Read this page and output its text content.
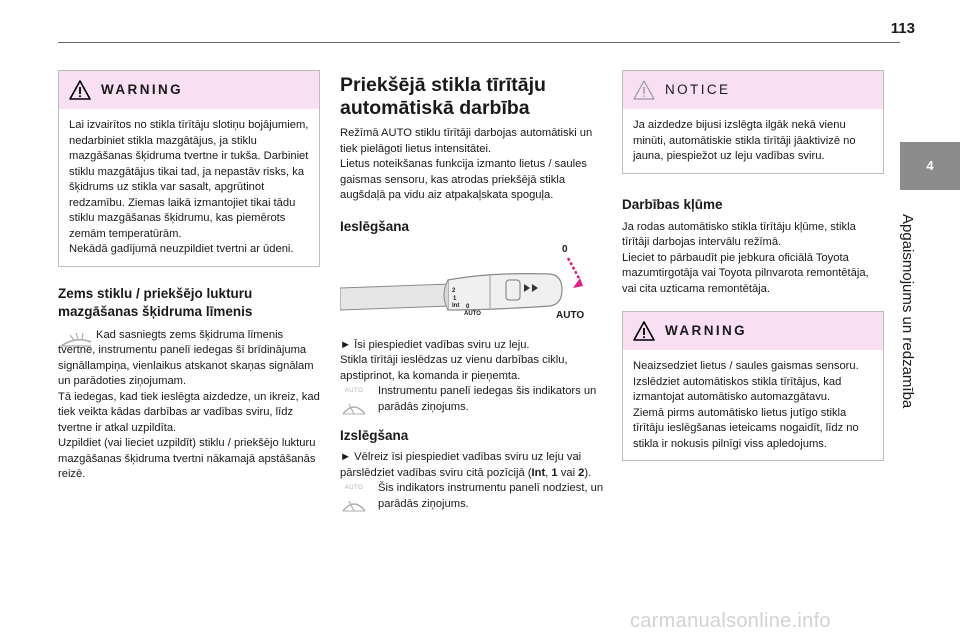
113
4
Apgaismojums un redzamība
WARNING

Lai izvairītos no stikla tīrītāju slotiņu bojājumiem, nedarbiniet stikla mazgātājus, ja stiklu mazgāšanas šķidruma tvertne ir tukša. Darbiniet stiklu mazgātājus tikai tad, ja nepastāv risks, ka šķidrums uz stikla var sasalt, apgrūtinot redzamību. Ziemas laikā izmantojiet tikai tādu stiklu mazgāšanas šķidrumu, kas piemērots zemām temperatūrām.

Nekādā gadījumā neuzpildiet tvertni ar ūdeni.

Zems stiklu / priekšējo lukturu mazgāšanas šķidruma līmenis

Kad sasniegts zems šķidruma līmenis tvertnē, instrumentu panelī iedegas šī brīdinājuma signāllampiņa, vienlaikus atskanot skaņas signālam un parādoties ziņojumam.

Tā iedegas, kad tiek ieslēgta aizdedze, un ikreiz, kad tiek veikta kādas darbības ar vadības sviru, līdz tvertne ir atkal uzpildīta.

Uzpildiet (vai lieciet uzpildīt) stiklu / priekšējo lukturu mazgāšanas šķidruma tvertni nākamajā apstāšanās reizē.

Priekšējā stikla tīrītāju automātiskā darbība

Režīmā AUTO stiklu tīrītāji darbojas automātiski un tiek pielāgoti lietus intensitātei.

Lietus noteikšanas funkcija izmanto lietus / saules gaismas sensoru, kas atrodas priekšējā stikla augšdaļā pa vidu aiz atpakaļskata spoguļa.

Ieslēgšana
0
AUTO
2
1
Int 0
AUTO

► Īsi piespiediet vadības sviru uz leju.

Stikla tīrītāji ieslēdzas uz vienu darbības ciklu, apstiprinot, ka komanda ir pieņemta.

AUTO	Instrumentu panelī iedegas šis indikators un parādās ziņojums.

Izslēgšana

► Vēlreiz īsi piespiediet vadības sviru uz leju vai pārslēdziet vadības sviru citā pozīcijā (Int, 1 vai 2).

AUTO	Šis indikators instrumentu panelī nodziest, un parādās ziņojums.

NOTICE

Ja aizdedze bijusi izslēgta ilgāk nekā vienu minūti, automātiskie stikla tīrītāji jāaktivizē no jauna, piespiežot uz leju vadības sviru.

Darbības kļūme

Ja rodas automātisko stikla tīrītāju kļūme, stikla tīrītāji darbojas intervālu režīmā.

Lieciet to pārbaudīt pie jebkura oficiālā Toyota mazumtirgotāja vai Toyota pilnvarota remontētāja, vai cita uzticama remontētāja.

WARNING

Neaizsedziet lietus / saules gaismas sensoru.

Izslēdziet automātiskos stikla tīrītājus, kad izmantojat automātisko automazgātavu.

Ziemā pirms automātisko lietus jutīgo stikla tīrītāju ieslēgšanas ieteicams nogaidīt, līdz no stikla ir nokusis pilnīgi viss apledojums.

carmanualsonline.info
